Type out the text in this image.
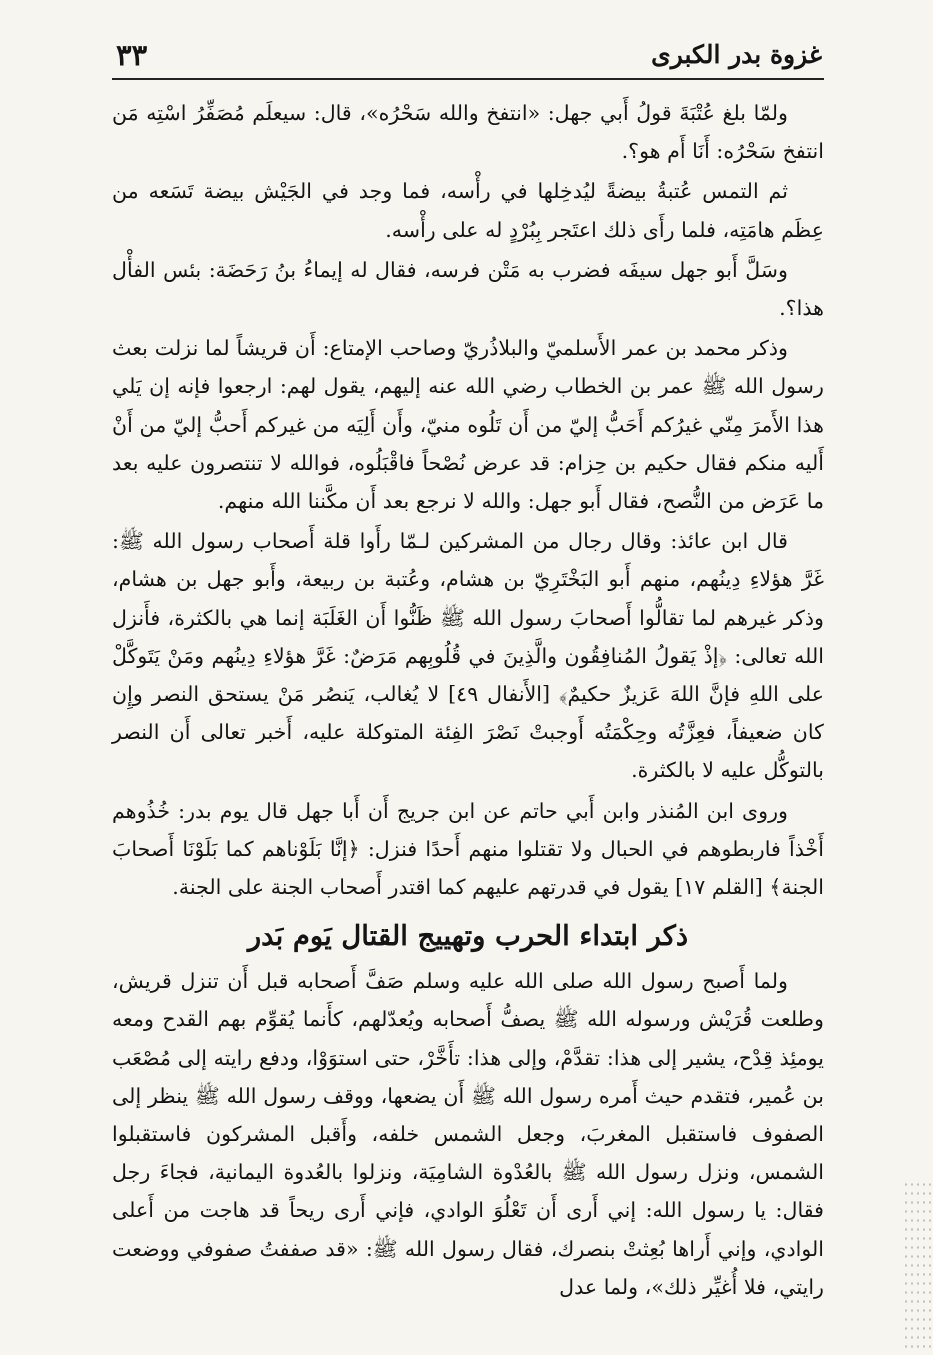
غزوة بدر الكبرى
٣٣

ولمّا بلغ عُتْبَةَ قولُ أَبي جهل: «انتفخ والله سَحْرُه»، قال: سيعلَم مُصَفِّرُ اسْتِه مَن انتفخ سَحْرُه: أَنَا أَم هو؟.

ثم التمس عُتبةُ بيضةً ليُدخِلها في رأْسه، فما وجد في الجَيْش بيضة تَسَعه من عِظَم هامَتِه، فلما رأَى ذلك اعتَجر بِبُرْدٍ له على رأْسه.

وسَلَّ أَبو جهل سيفَه فضرب به مَتْن فرسه، فقال له إيماءُ بنُ رَحَضَة: بئس الفأْل هذا؟.

وذكر محمد بن عمر الأَسلميّ والبلاذُريّ وصاحب الإمتاع: أَن قريشاً لما نزلت بعث رسول الله ﷺ عمر بن الخطاب رضي الله عنه إليهم، يقول لهم: ارجعوا فإنه إن يَلي هذا الأَمرَ مِنّي غيرُكم أَحَبُّ إليّ من أَن تَلُوه منيّ، وأَن أَلِيَه من غيركم أَحبُّ إليّ من أَنْ أَليه منكم فقال حكيم بن حِزام: قد عرض نُصْحاً فاقْبَلُوه، فوالله لا تنتصرون عليه بعد ما عَرَض من النُّصح، فقال أَبو جهل: والله لا نرجع بعد أَن مكَّننا الله منهم.

قال ابن عائذ: وقال رجال من المشركين لـمّا رأَوا قلة أَصحاب رسول الله ﷺ: غَرَّ هؤلاءِ دِينُهم، منهم أَبو البَخْتَرِيّ بن هشام، وعُتبة بن ربيعة، وأَبو جهل بن هشام، وذكر غيرهم لما تقالُّوا أَصحابَ رسول الله ﷺ ظَنُّوا أَن الغَلَبَة إنما هي بالكثرة، فأَنزل الله تعالى: ﴿إذْ يَقولُ المُنافِقُون والَّذِينَ في قُلُوبِهم مَرَضٌ: غَرَّ هؤلاءِ دِينُهم ومَنْ يَتَوكَّلْ على اللهِ فإنَّ اللهَ عَزيزٌ حكيمٌ﴾ [الأَنفال ٤٩] لا يُغالب، يَنصُر مَنْ يستحق النصر وإِن كان ضعيفاً، فعِزَّتُه وحِكْمَتُه أَوجبتْ نَصْرَ الفِئة المتوكلة عليه، أَخبر تعالى أَن النصر بالتوكُّل عليه لا بالكثرة.

وروى ابن المُنذر وابن أَبي حاتم عن ابن جريج أَن أَبا جهل قال يوم بدر: خُذُوهم أَخْذاً فاربطوهم في الحبال ولا تقتلوا منهم أَحدًا فنزل: ﴿إنَّا بَلَوْناهم كما بَلَوْنَا أَصحابَ الجنة﴾ [القلم ١٧] يقول في قدرتهم عليهم كما اقتدر أَصحاب الجنة على الجنة.

ذكر ابتداء الحرب وتهييج القتال يَوم بَدر

ولما أَصبح رسول الله صلى الله عليه وسلم صَفَّ أَصحابه قبل أَن تنزل قريش، وطلعت قُرَيْش ورسوله الله ﷺ يصفُّ أَصحابه ويُعدّلهم، كأَنما يُقوِّم بهم القدح ومعه يومئِذ قِدْح، يشير إلى هذا: تقدَّمْ، وإلى هذا: تأَخَّرْ، حتى استوَوْا، ودفع رايته إلى مُصْعَب بن عُمير، فتقدم حيث أَمره رسول الله ﷺ أَن يضعها، ووقف رسول الله ﷺ ينظر إلى الصفوف فاستقبل المغربَ، وجعل الشمس خلفه، وأَقبل المشركون فاستقبلوا الشمس، ونزل رسول الله ﷺ بالعُدْوة الشامِيَة، ونزلوا بالعُدوة اليمانية، فجاءَ رجل فقال: يا رسول الله: إني أَرى أَن تَعْلُوَ الوادي، فإني أَرى ريحاً قد هاجت من أَعلى الوادي، وإني أَراها بُعِثتْ بنصرك، فقال رسول الله ﷺ: «قد صففتُ صفوفي ووضعت رايتي، فلا أُغيِّر ذلك»، ولما عدل
